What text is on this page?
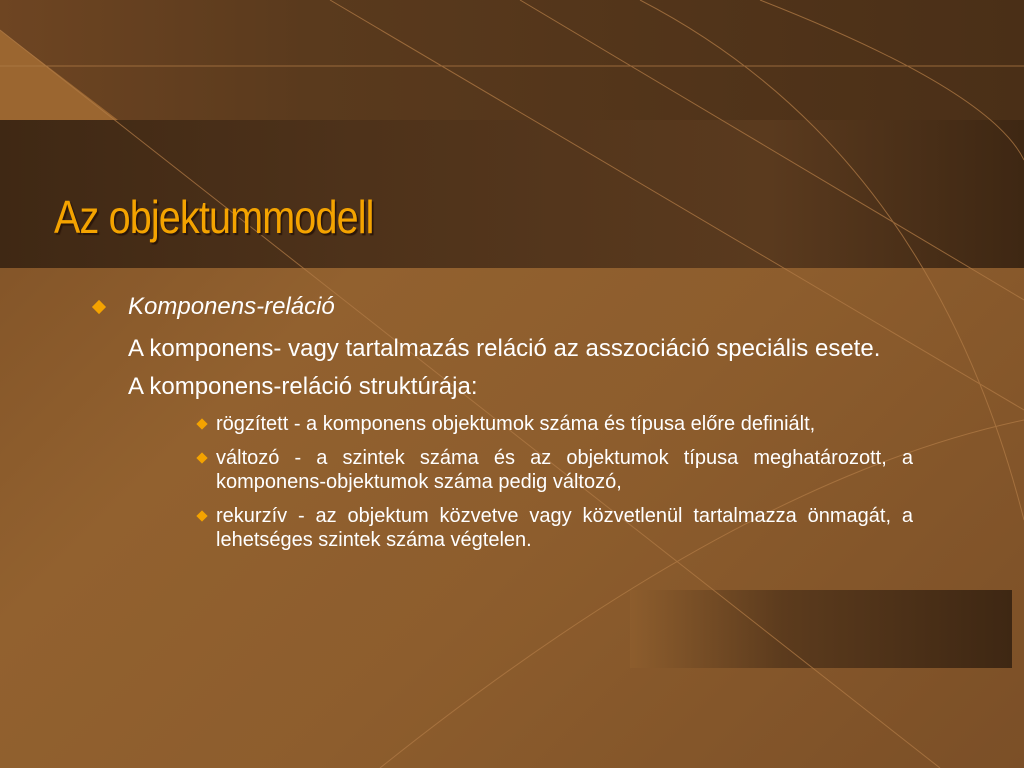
Az objektummodell
Komponens-reláció
A komponens- vagy tartalmazás reláció az asszociáció speciális esete.
A komponens-reláció struktúrája:
rögzített - a komponens objektumok száma és típusa előre definiált,
változó - a szintek száma és az objektumok típusa meghatározott, a komponens-objektumok száma pedig változó,
rekurzív - az objektum közvetve vagy közvetlenül tartalmazza önmagát, a lehetséges szintek száma végtelen.
